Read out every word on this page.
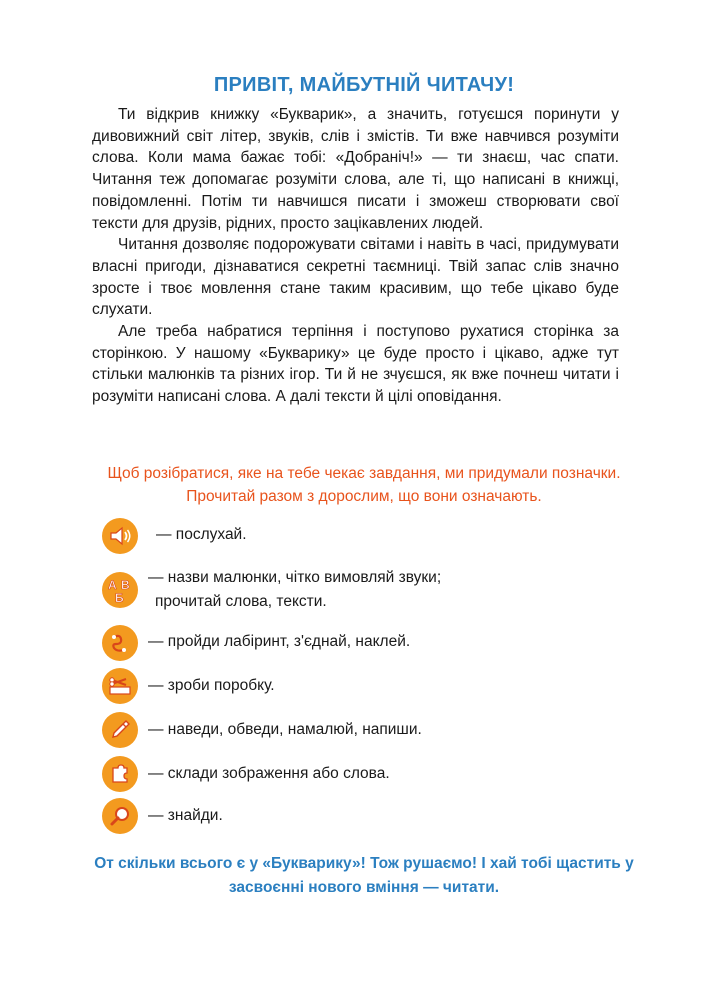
ПРИВІТ, МАЙБУТНІЙ ЧИТАЧУ!

Ти відкрив книжку «Букварик», а значить, готуєшся поринути у дивовижний світ літер, звуків, слів і змістів. Ти вже навчився розуміти слова. Коли мама бажає тобі: «Добраніч!» — ти знаєш, час спати. Читання теж допомагає розуміти слова, але ті, що написані в книжці, повідомленні. Потім ти навчишся писати і зможеш створювати свої тексти для друзів, рідних, просто зацікавлених людей.

Читання дозволяє подорожувати світами і навіть в часі, придумувати власні пригоди, дізнаватися секретні таємниці. Твій запас слів значно зросте і твоє мовлення стане таким красивим, що тебе цікаво буде слухати.

Але треба набратися терпіння і поступово рухатися сторінка за сторінкою. У нашому «Букварику» це буде просто і цікаво, адже тут стільки малюнків та різних ігор. Ти й не зчуєшся, як вже почнеш читати і розуміти написані слова. А далі тексти й цілі оповідання.

Щоб розібратися, яке на тебе чекає завдання, ми придумали позначки. Прочитай разом з дорослим, що вони означають.
— послухай.
А В
Б
— назви малюнки, чітко вимовляй звуки;
прочитай слова, тексти.
— пройди лабіринт, з'єднай, наклей.
— зроби поробку.
— наведи, обведи, намалюй, напиши.
— склади зображення або слова.
— знайди.
От скільки всього є у «Букварику»! Тож рушаємо! І хай тобі щастить у засвоєнні нового вміння — читати.
